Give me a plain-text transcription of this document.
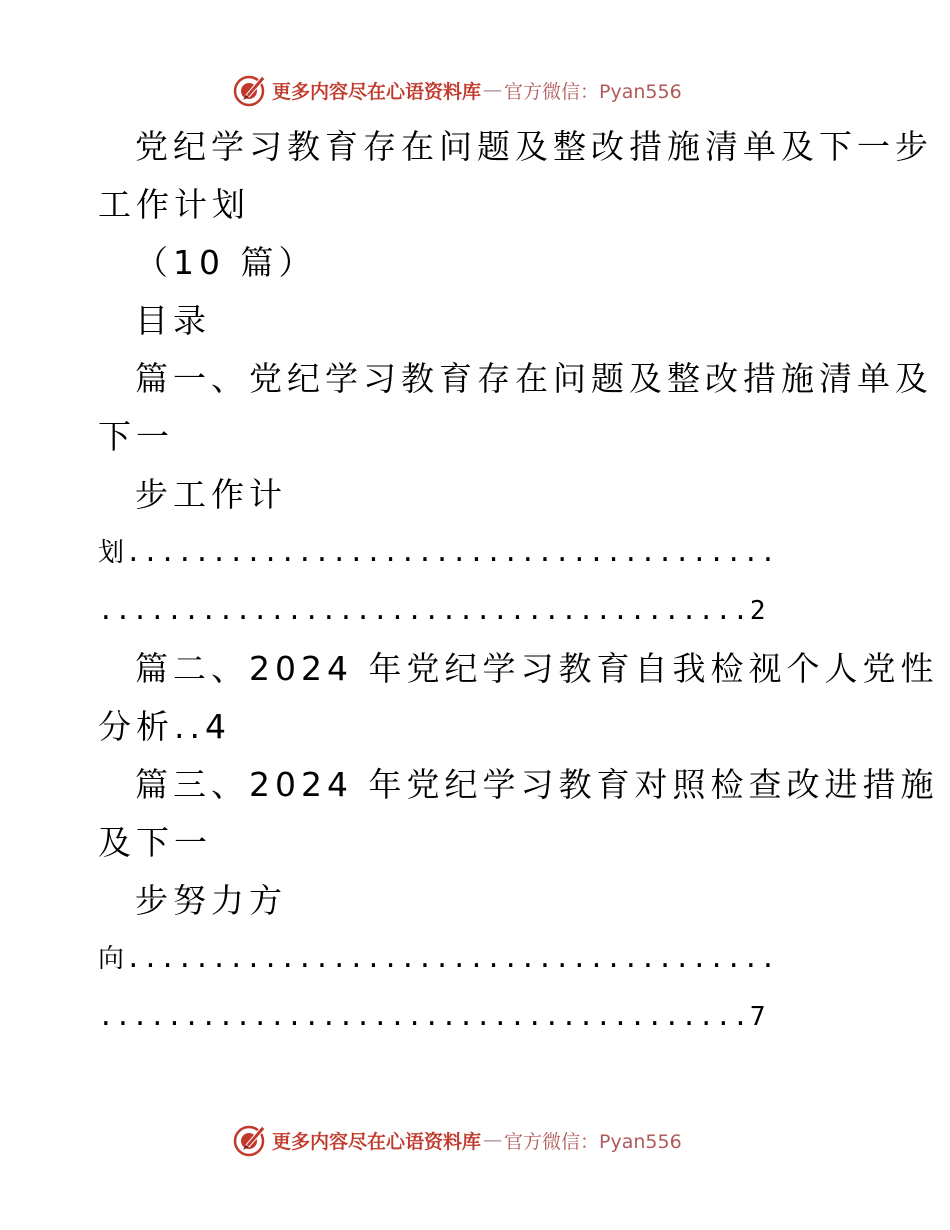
更多内容尽在心语资料库 — 官方微信：Pyan556
党纪学习教育存在问题及整改措施清单及下一步
工作计划
（10 篇）
目录
篇一、党纪学习教育存在问题及整改措施清单及
下一
步工作计
划......................................
......................................2
篇二、2024 年党纪学习教育自我检视个人党性
分析..4
篇三、2024 年党纪学习教育对照检查改进措施
及下一
步努力方
向......................................
......................................7
更多内容尽在心语资料库 — 官方微信：Pyan556
